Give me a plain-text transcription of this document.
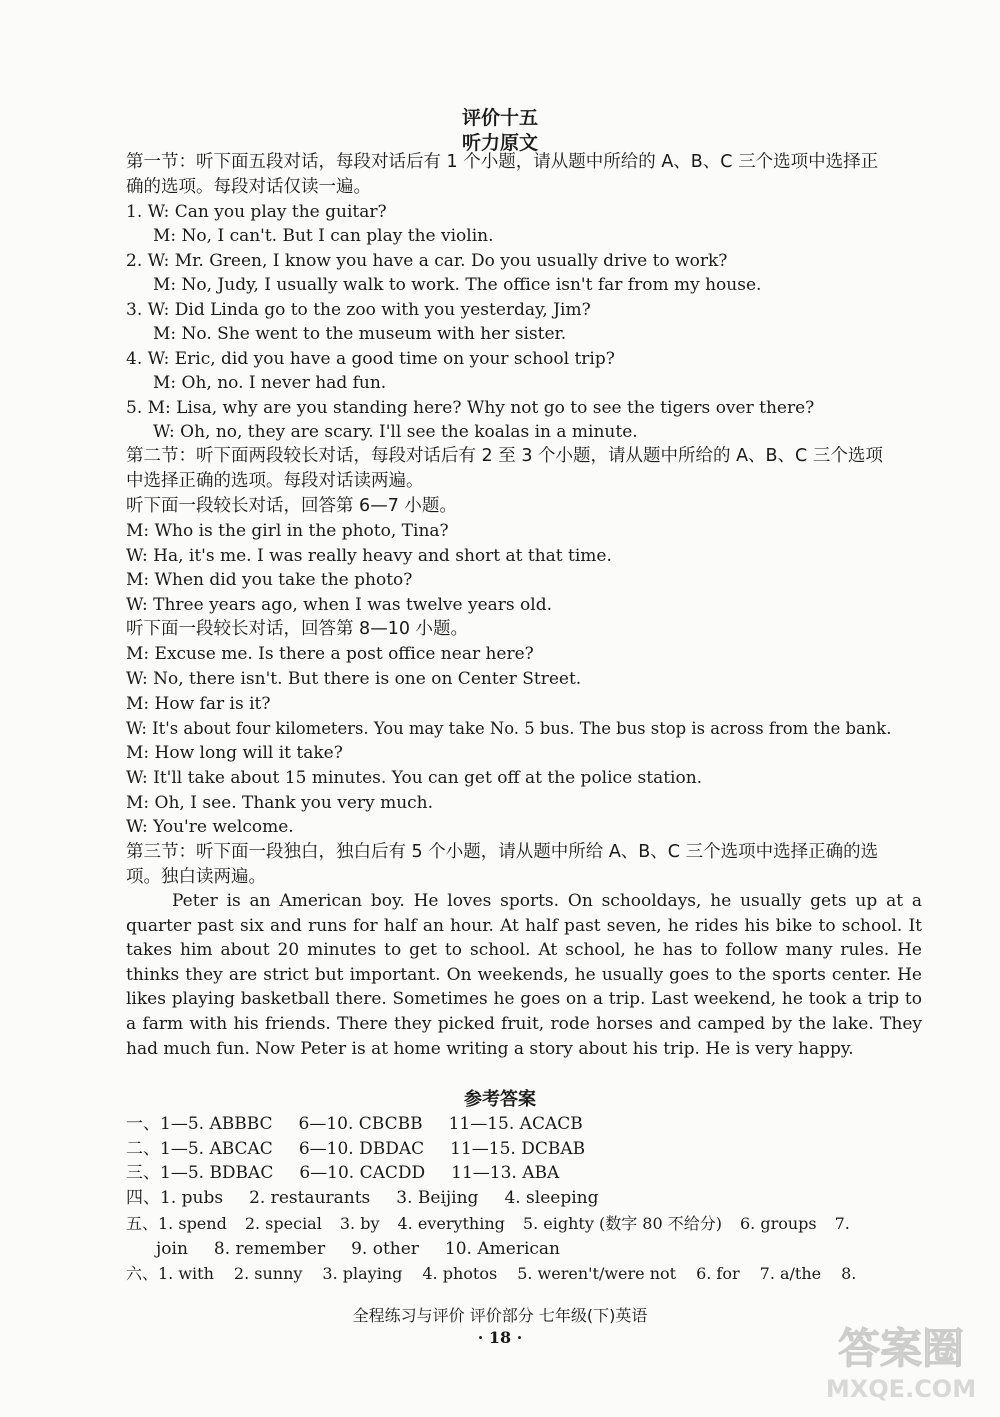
评价十五
听力原文
第一节：听下面五段对话，每段对话后有 1 个小题，请从题中所给的 A、B、C 三个选项中选择正
确的选项。每段对话仅读一遍。
1. W: Can you play the guitar?
M: No, I can't. But I can play the violin.
2. W: Mr. Green, I know you have a car. Do you usually drive to work?
M: No, Judy, I usually walk to work. The office isn't far from my house.
3. W: Did Linda go to the zoo with you yesterday, Jim?
M: No. She went to the museum with her sister.
4. W: Eric, did you have a good time on your school trip?
M: Oh, no. I never had fun.
5. M: Lisa, why are you standing here? Why not go to see the tigers over there?
W: Oh, no, they are scary. I'll see the koalas in a minute.
第二节：听下面两段较长对话，每段对话后有 2 至 3 个小题，请从题中所给的 A、B、C 三个选项
中选择正确的选项。每段对话读两遍。
听下面一段较长对话，回答第 6—7 小题。
M: Who is the girl in the photo, Tina?
W: Ha, it's me. I was really heavy and short at that time.
M: When did you take the photo?
W: Three years ago, when I was twelve years old.
听下面一段较长对话，回答第 8—10 小题。
M: Excuse me. Is there a post office near here?
W: No, there isn't. But there is one on Center Street.
M: How far is it?
W: It's about four kilometers. You may take No. 5 bus. The bus stop is across from the bank.
M: How long will it take?
W: It'll take about 15 minutes. You can get off at the police station.
M: Oh, I see. Thank you very much.
W: You're welcome.
第三节：听下面一段独白，独白后有 5 个小题，请从题中所给 A、B、C 三个选项中选择正确的选
项。独白读两遍。
Peter is an American boy. He loves sports. On schooldays, he usually gets up at a quarter past six and runs for half an hour. At half past seven, he rides his bike to school. It takes him about 20 minutes to get to school. At school, he has to follow many rules. He thinks they are strict but important. On weekends, he usually goes to the sports center. He likes playing basketball there. Sometimes he goes on a trip. Last weekend, he took a trip to a farm with his friends. There they picked fruit, rode horses and camped by the lake. They had much fun. Now Peter is at home writing a story about his trip. He is very happy.
参考答案
一、1—5. ABBBC 6—10. CBCBB 11—15. ACACB
二、1—5. ABCAC 6—10. DBDAC 11—15. DCBAB
三、1—5. BDBAC 6—10. CACDD 11—13. ABA
四、1. pubs 2. restaurants 3. Beijing 4. sleeping
五、1. spend 2. special 3. by 4. everything 5. eighty (数字 80 不给分) 6. groups 7.
join 8. remember 9. other 10. American
六、1. with 2. sunny 3. playing 4. photos 5. weren't/were not 6. for 7. a/the 8.
全程练习与评价 评价部分 七年级(下)英语
· 18 ·	答案圈
MXQE.COM
